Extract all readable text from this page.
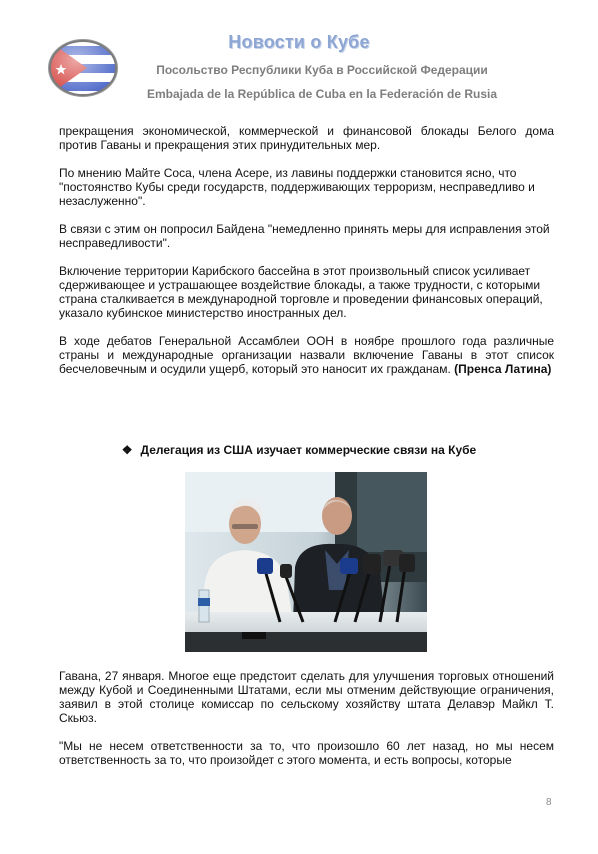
Новости о Кубе
Посольство Республики Куба в Российской Федерации
Embajada de la República de Cuba en la Federación de Rusia

прекращения экономической, коммерческой и финансовой блокады Белого дома против Гаваны и прекращения этих принудительных мер.

По мнению Майте Соса, члена Асере, из лавины поддержки становится ясно, что "постоянство Кубы среди государств, поддерживающих терроризм, несправедливо и незаслуженно".

В связи с этим он попросил Байдена "немедленно принять меры для исправления этой несправедливости".

Включение территории Карибского бассейна в этот произвольный список усиливает сдерживающее и устрашающее воздействие блокады, а также трудности, с которыми страна сталкивается в международной торговле и проведении финансовых операций, указало кубинское министерство иностранных дел.

В ходе дебатов Генеральной Ассамблеи ООН в ноябре прошлого года различные страны и международные организации назвали включение Гаваны в этот список бесчеловечным и осудили ущерб, который это наносит их гражданам. (Пренса Латина)

❖ Делегация из США изучает коммерческие связи на Кубе

Гавана, 27 января. Многое еще предстоит сделать для улучшения торговых отношений между Кубой и Соединенными Штатами, если мы отменим действующие ограничения, заявил в этой столице комиссар по сельскому хозяйству штата Делавэр Майкл Т. Скьюз.

"Мы не несем ответственности за то, что произошло 60 лет назад, но мы несем ответственность за то, что произойдет с этого момента, и есть вопросы, которые

8
